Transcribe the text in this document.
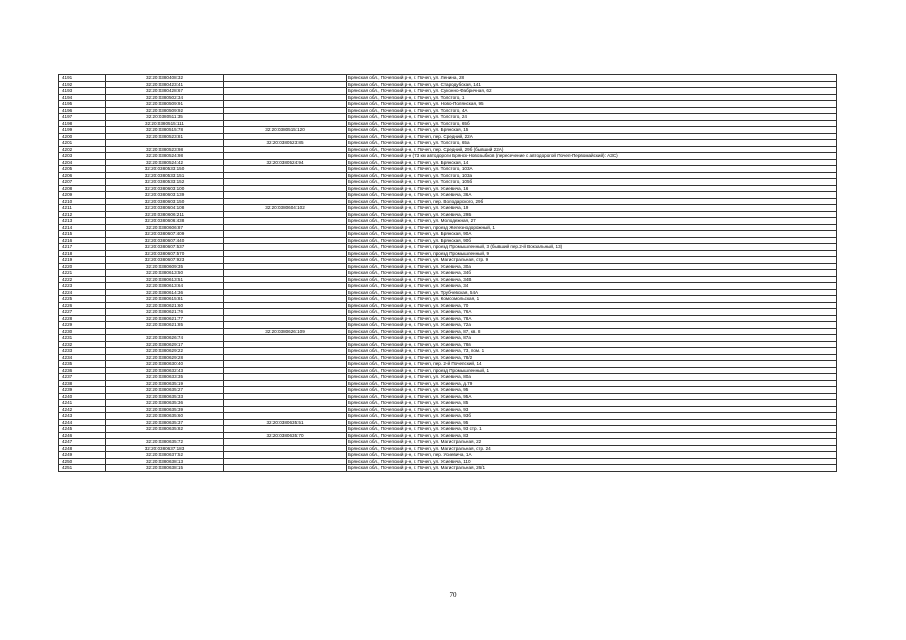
4191	32:20:0380408:32		Брянская обл., Почепский р-н, г. Почеп, ул. Ленина, 28
4192	32:20:0380423:41		Брянская обл., Почепский р-н, г. Почеп, ул. Стародубская, 141
4193	32:20:0380428:67		Брянская обл., Почепский р-н, г. Почеп, ул. Суконно-Фабричная, 62
4194	32:20:0380502:34		Брянская обл., Почепский р-н, г. Почеп, ул. Толстого, 1
4195	32:20:0380509:91		Брянская обл., Почепский р-н, г. Почеп, ул. Ново-Полянская, 95
4196	32:20:0380509:92		Брянская обл., Почепский р-н, г. Почеп, ул. Толстого, 4А
4197	32:20:0380511:35		Брянская обл., Почепский р-н, г. Почеп, ул. Толстого, 24
4198	32:20:0380515:111		Брянская обл., Почепский р-н, г. Почеп, ул. Толстого, 65б
4199	32:20:0380515:78	32:20:0380515:120	Брянская обл., Почепский р-н, г. Почеп, ул. Брянская, 15
4200	32:20:0380523:81		Брянская обл., Почепский р-н, г. Почеп, пер. Средний, 22А
4201		32:20:0380523:85	Брянская обл., Почепский р-н, г. Почеп, ул. Толстого, 65а
4202	32:20:0380523:98		Брянская обл., Почепский р-н, г. Почеп, пер. Средний, 29б (бывший 22А)
4203	32:20:0380524:98		Брянская обл., Почепский р-н (73 км автодороги Брянск-Новозыбков (пересечение с автодорогой Почеп-Первомайский): АЗС)
4204	32:20:0380524:42	32:20:0380524:94	Брянская обл., Почепский р-н, г. Почеп, ул. Брянская, 14
4205	32:20:0380533:150		Брянская обл., Почепский р-н, г. Почеп, ул. Толстого, 103А
4206	32:20:0380533:151		Брянская обл., Почепский р-н, г. Почеп, ул. Толстого, 103а
4207	32:20:0380533:152		Брянская обл., Почепский р-н, г. Почеп, ул. Толстого, 105б
4208	32:20:0380603:100		Брянская обл., Почепский р-н, г. Почеп, ул. Усиевича, 16
4209	32:20:0380603:139		Брянская обл., Почепский р-н, г. Почеп, ул. Усиевича, 36А
4210	32:20:0380603:150		Брянская обл., Почепский р-н, г. Почеп, пер. Володарского, 29б
4211	32:20:0380604:108	32:20:0380604:102	Брянская обл., Почепский р-н, г. Почеп, ул. Усиевича, 19
4212	32:20:0380606:211		Брянская обл., Почепский р-н, г. Почеп, ул. Усиевича, 29Б
4213	32:20:0380606:438		Брянская обл., Почепский р-н, г. Почеп, ул. Молодежная, 27
4214	32:20:0380606:87		Брянская обл., Почепский р-н, г. Почеп, проезд Железнодорожный, 1
4215	32:20:0380607:409		Брянская обл., Почепский р-н, г. Почеп, ул. Брянская, 90А
4216	32:20:0380607:440		Брянская обл., Почепский р-н, г. Почеп, ул. Брянская, 90б
4217	32:20:0380607:537		Брянская обл., Почепский р-н, г. Почеп, проезд Промышленный, 3 (бывший пер.2-й Вокзальный, 13)
4218	32:20:0380607:570		Брянская обл., Почепский р-н, г. Почеп, проезд Промышленный, 9
4219	32:20:0380607:923		Брянская обл., Почепский р-н, г. Почеп, ул. Магистральная, стр. 9
4220	32:20:0380609:35		Брянская обл., Почепский р-н, г. Почеп, ул. Усиевича, 30а
4221	32:20:0380613:50		Брянская обл., Почепский р-н, г. Почеп, ул. Усиевича, 34б
4222	32:20:0380613:51		Брянская обл., Почепский р-н, г. Почеп, ул. Усиевича, 34В
4223	32:20:0380613:64		Брянская обл., Почепский р-н, г. Почеп, ул. Усиевича, 34
4224	32:20:0380614:36		Брянская обл., Почепский р-н, г. Почеп, ул. Трубчевская, 54А
4225	32:20:0380615:81		Брянская обл., Почепский р-н, г. Почеп, ул. Комсомольская, 1
4226	32:20:0380621:60		Брянская обл., Почепский р-н, г. Почеп, ул. Усиевича, 70
4227	32:20:0380621:76		Брянская обл., Почепский р-н, г. Почеп, ул. Усиевича, 76А
4228	32:20:0380621:77		Брянская обл., Почепский р-н, г. Почеп, ул. Усиевича, 78А
4229	32:20:0380621:85		Брянская обл., Почепский р-н, г. Почеп, ул. Усиевича, 72а
4230		32:20:0380626:109	Брянская обл., Почепский р-н, г. Почеп, ул. Усиевича, 87, кв. 8
4231	32:20:0380626:74		Брянская обл., Почепский р-н, г. Почеп, ул. Усиевича, 87а
4232	32:20:0380629:17		Брянская обл., Почепский р-н, г. Почеп, ул. Усиевича, 78в
4233	32:20:0380629:22		Брянская обл., Почепский р-н, г. Почеп, ул. Усиевича, 73, пом. 1
4234	32:20:0380629:28		Брянская обл., Почепский р-н, г. Почеп, ул. Усиевича, 78/2
4235	32:20:0380630:40		Брянская обл., Почепский р-н, г. Почеп, пер. 2-й Почепский, 14
4236	32:20:0380632:43		Брянская обл., Почепский р-н, г. Почеп, проезд Промышленный, 1
4237	32:20:0380633:35		Брянская обл., Почепский р-н, г. Почеп, ул. Усиевича, 80а
4238	32:20:0380635:19		Брянская обл., Почепский р-н, г. Почеп, ул. Усиевича, д.79
4239	32:20:0380635:27		Брянская обл., Почепский р-н, г. Почеп, ул. Усиевича, 95
4240	32:20:0380635:33		Брянская обл., Почепский р-н, г. Почеп, ул. Усиевича, 95А
4241	32:20:0380635:36		Брянская обл., Почепский р-н, г. Почеп, ул. Усиевича, 85
4242	32:20:0380635:39		Брянская обл., Почепский р-н, г. Почеп, ул. Усиевича, 93
4243	32:20:0380635:60		Брянская обл., Почепский р-н, г. Почеп, ул. Усиевича, 93б
4244	32:20:0380635:37	32:20:0380635:51	Брянская обл., Почепский р-н, г. Почеп, ул. Усиевича, 95
4245	32:20:0380635:82		Брянская обл., Почепский р-н, г. Почеп, ул. Усиевича, 93 стр. 1
4246		32:20:0380635:70	Брянская обл., Почепский р-н, г. Почеп, ул. Усиевича, 83
4247	32:20:0380635:72		Брянская обл., Почепский р-н, г. Почеп, ул. Магистральная, 22
4248	32:20:0380637:183		Брянская обл., Почепский р-н, г. Почеп, ул. Магистральная, стр. 24
4249	32:20:0380637:52		Брянская обл., Почепский р-н, г. Почеп, пер. Усиевича, 1А
4250	32:20:0380638:13		Брянская обл., Почепский р-н, г. Почеп, ул. Усиевича, 110
4251	32:20:0380638:15		Брянская обл., Почепский р-н, г. Почеп, ул. Магистральная, 26/1
70
